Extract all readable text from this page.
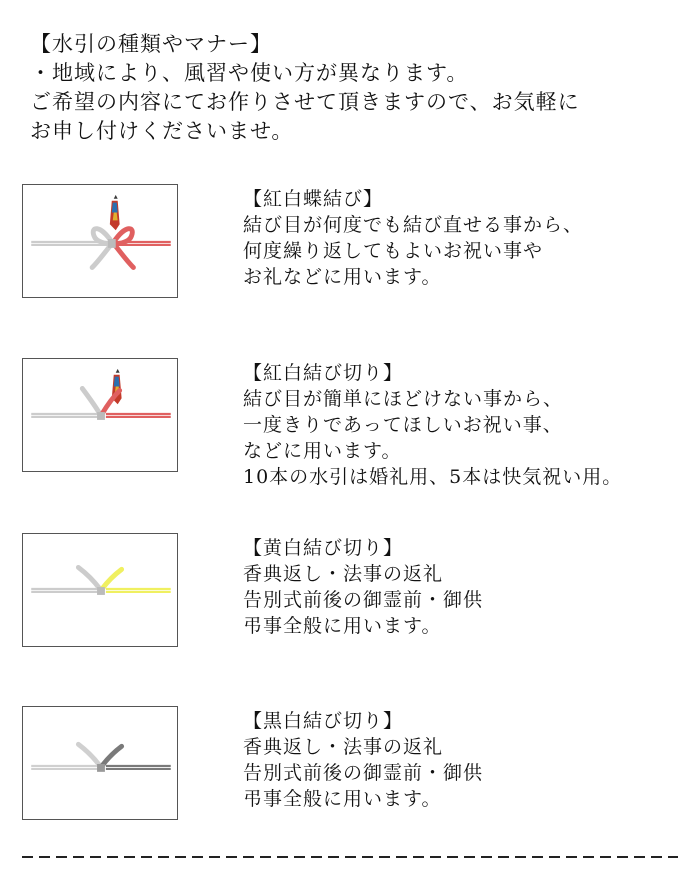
【水引の種類やマナー】
・地域により、風習や使い方が異なります。
ご希望の内容にてお作りさせて頂きますので、お気軽に
お申し付けくださいませ。
【紅白蝶結び】
結び目が何度でも結び直せる事から、
何度繰り返してもよいお祝い事や
お礼などに用います。
【紅白結び切り】
結び目が簡単にほどけない事から、
一度きりであってほしいお祝い事、
などに用います。
10本の水引は婚礼用、5本は快気祝い用。
【黄白結び切り】
香典返し・法事の返礼
告別式前後の御霊前・御供
弔事全般に用います。
【黒白結び切り】
香典返し・法事の返礼
告別式前後の御霊前・御供
弔事全般に用います。
